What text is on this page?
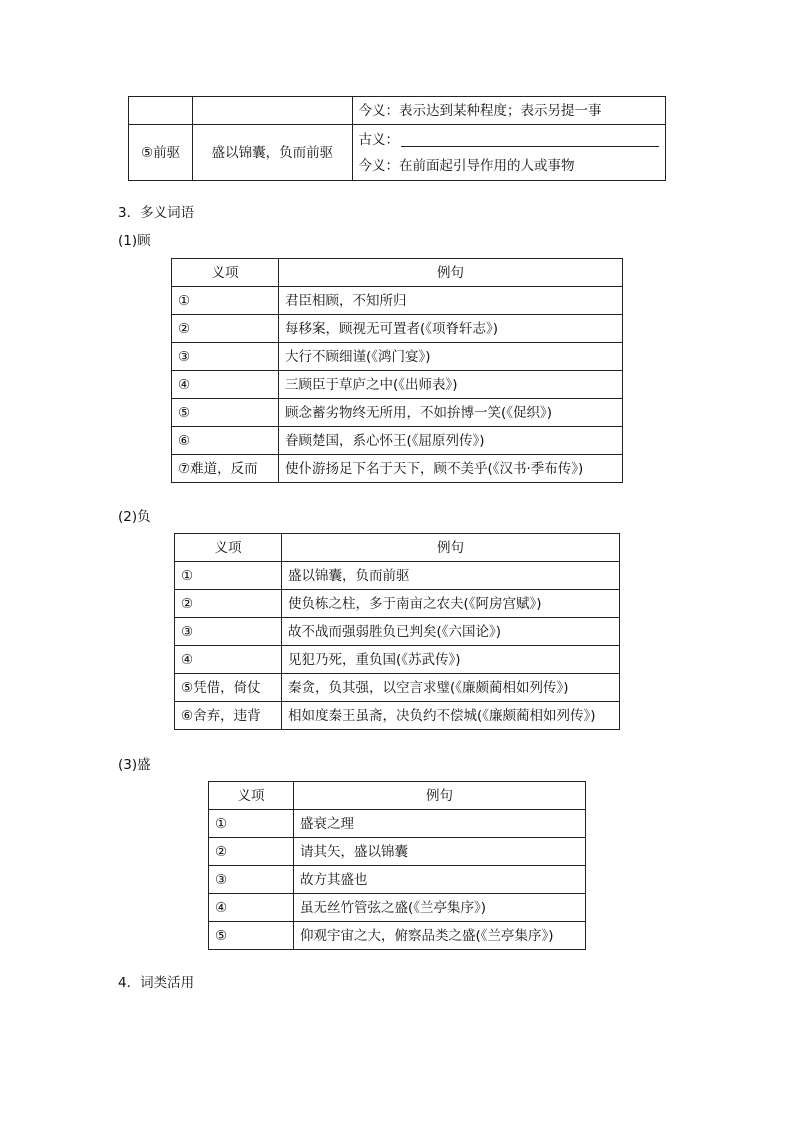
		今义：表示达到某种程度；表示另提一事
⑤前驱	盛以锦囊，负而前驱	古义：
今义：在前面起引导作用的人或事物
3．多义词语
(1)顾
义项	例句
①	君臣相顾，不知所归
②	每移案，顾视无可置者(《项脊轩志》)
③	大行不顾细谨(《鸿门宴》)
④	三顾臣于草庐之中(《出师表》)
⑤	顾念蓄劣物终无所用，不如拚博一笑(《促织》)
⑥	眷顾楚国，系心怀王(《屈原列传》)
⑦难道，反而	使仆游扬足下名于天下，顾不美乎(《汉书·季布传》)
(2)负
义项	例句
①	盛以锦囊，负而前驱
②	使负栋之柱，多于南亩之农夫(《阿房宫赋》)
③	故不战而强弱胜负已判矣(《六国论》)
④	见犯乃死，重负国(《苏武传》)
⑤凭借，倚仗	秦贪，负其强，以空言求璧(《廉颇蔺相如列传》)
⑥舍弃，违背	相如度秦王虽斋，决负约不偿城(《廉颇蔺相如列传》)
(3)盛
义项	例句
①	盛衰之理
②	请其矢，盛以锦囊
③	故方其盛也
④	虽无丝竹管弦之盛(《兰亭集序》)
⑤	仰观宇宙之大，俯察品类之盛(《兰亭集序》)
4．词类活用
